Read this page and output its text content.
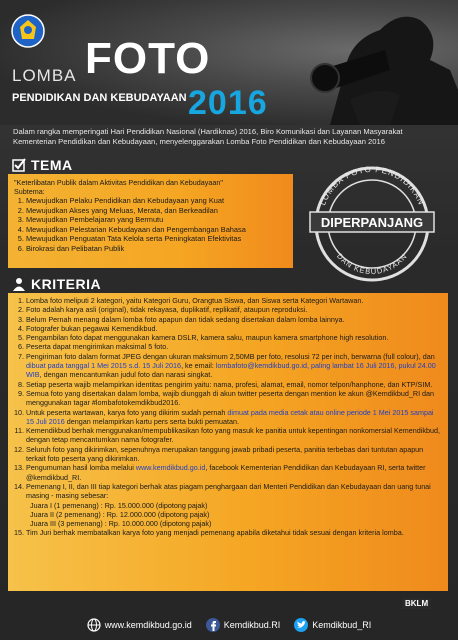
LOMBA FOTO
PENDIDIKAN DAN KEBUDAYAAN 2016
Dalam rangka memperingati Hari Pendidikan Nasional (Hardiknas) 2016, Biro Komunikasi dan Layanan Masyarakat Kementerian Pendidikan dan Kebudayaan, menyelenggarakan Lomba Foto Pendidikan dan Kebudayaan 2016
TEMA

"Keterlibatan Publik dalam Aktivitas Pendidikan dan Kebudayaan"

Subtema:

1. Mewujudkan Pelaku Pendidikan dan Kebudayaan yang Kuat
2. Mewujudkan Akses yang Meluas, Merata, dan Berkeadilan
3. Mewujudkan Pembelajaran yang Bermutu
4. Mewujudkan Pelestarian Kebudayaan dan Pengembangan Bahasa
5. Mewujudkan Penguatan Tata Kelola serta Peningkatan Efektivitas
6. Birokrasi dan Pelibatan Publik
LOMBA FOTO PENDIDIKAN
DIPERPANJANG
DAN KEBUDAYAAN
KRITERIA
1. Lomba foto meliputi 2 kategori, yaitu Kategori Guru, Orangtua Siswa, dan Siswa serta Kategori Wartawan.
2. Foto adalah karya asli (original), tidak rekayasa, duplikatif, replikatif, ataupun reproduksi.
3. Belum Pernah menang dalam lomba foto apapun dan tidak sedang disertakan dalam lomba lainnya.
4. Fotografer bukan pegawai Kemendikbud.
5. Pengambilan foto dapat menggunakan kamera DSLR, kamera saku, maupun kamera smartphone high resolution.
6. Peserta dapat mengirimkan maksimal 5 foto.
7. Pengiriman foto dalam format JPEG dengan ukuran maksimum 2,50MB per foto, resolusi 72 per inch, berwarna (full colour), dan dibuat pada tanggal 1 Mei 2015 s.d. 15 Juli 2016, ke email: lombafoto@kemdikbud.go.id, paling lambat 16 Juli 2016, pukul 24.00 WIB, dengan mencantumkan judul foto dan narasi singkat.
8. Setiap peserta wajib melampirkan identitas pengirim yaitu: nama, profesi, alamat, email, nomor telpon/hanphone, dan KTP/SIM.
9. Semua foto yang disertakan dalam lomba, wajib diunggah di akun twitter peserta dengan mention ke akun @Kemdikbud_RI dan menggunakan tagar #lombafotokemdikbud2016.
10. Untuk peserta wartawan, karya foto yang dikirim sudah pernah dimuat pada media cetak atau online periode 1 Mei 2015 sampai 15 Juli 2016 dengan melampirkan kartu pers serta bukti pemuatan.
11. Kemendikbud berhak menggunakan/mempublikasikan foto yang masuk ke panitia untuk kepentingan nonkomersial Kemendikbud, dengan tetap mencantumkan nama fotografer.
12. Seluruh foto yang dikirimkan, sepenuhnya merupakan tanggung jawab pribadi peserta, panitia terbebas dari tuntutan apapun terkait foto peserta yang dikirimkan.
13. Pengumuman hasil lomba melalui www.kemdikbud.go.id, facebook Kementerian Pendidikan dan Kebudayaan RI, serta twitter @kemdikbud_RI.
14. Pemenang I, II, dan III tiap kategori berhak atas piagam penghargaan dari Menteri Pendidikan dan Kebudayaan dan uang tunai masing - masing sebesar:
Juara I (1 pemenang) : Rp. 15.000.000 (dipotong pajak)
Juara II (2 pemenang) : Rp. 12.000.000 (dipotong pajak)
Juara III (3 pemenang) : Rp. 10.000.000 (dipotong pajak)
15. Tim Juri berhak membatalkan karya foto yang menjadi pemenang apabila diketahui tidak sesuai dengan kriteria lomba.
BKLM
www.kemdikbud.go.id	Kemdikbud.RI	Kemdikbud_RI
